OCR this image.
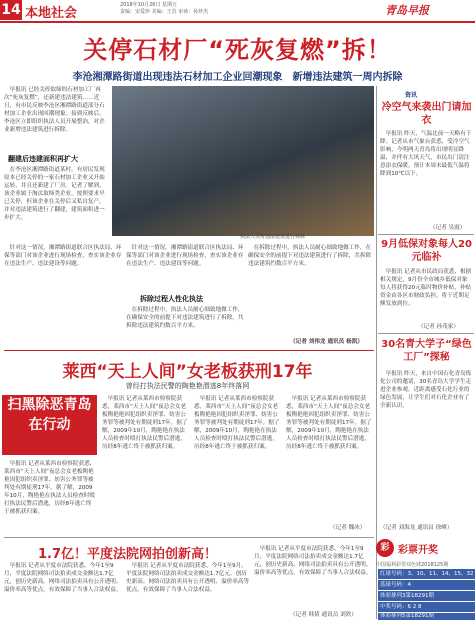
14 本地社会
2018年10月26日 星期五
责编：宋爱珍 美编：王苏 审读：孙珍杰	青岛早报
关停石材厂“死灰复燃”拆！
李沧湘潭路街道出现违法石材加工企业回潮现象　新增违法建筑一周内拆除

早报讯 已经关停取缔的石材加工厂再次“死灰复燃”，还新建违法建筑……近日，有市民反映李沧区湘潭路街道部分石材加工企业出现回潮现象。接到反映后，李沧区立即组织执法人员开展整治，对企业新增违法建筑进行拆除。

翻建后违建面积再扩大

在李沧区湘潭路街道某村，有居民发现原本已经关停的一家石材加工企业又开始运转，并且还新建了厂房。记者了解到，该企业属于淘汰取缔类企业，按照要求早已关停，但该企业在关停后又私自复产，并对违法建筑进行了翻建，建筑面积进一步扩大。

执法人员对违法建筑进行拆除

针对这一情况，湘潭路街道联合区执法局、环保等部门对该企业进行现场检查，查实该企业存在违法生产、违法建设等问题。

拆除过程人性化执法

针对这一情况，湘潭路街道联合区执法局、环保等部门对该企业进行现场检查，查实该企业存在违法生产、违法建设等问题。

在拆除过程中，执法人员耐心细致地做工作，在确保安全的前提下对违法建筑进行了拆除，共拆除违法建筑约数百平方米。

在拆除过程中，执法人员耐心细致地做工作，在确保安全的前提下对违法建筑进行了拆除，共拆除违法建筑约数百平方米。

（记者 刘伟龙 通讯员 杨凯）
资讯
冷空气来袭出门请加衣

早报讯 昨天，气温比前一天略有下降。记者从市气象台获悉，受冷空气影响，今明两天青岛将出现明显降温，并伴有大风天气，市民出门请注意添衣保暖。预计本周末最低气温将降到10℃以下。

（记者 吴霞）
9月低保对象每人20元临补

早报讯 记者从市民政局获悉，根据相关规定，9月份全市城乡低保对象每人将获得20元临时物价补贴，补贴资金由各区市财政负担，将于近期足额发放到位。

（记者 孙茂家）
30名青大学子“绿色工厂”探秘

早报讯 昨天，来自中国石化青岛炼化公司的邀请，30名青岛大学学生走进企业参观，近距离感受石化行业的绿色发展，让学生们对石化企业有了全新认识。

（记者 刘海龙 通讯员 徐峰）
莱西“天上人间”女老板获刑17年
曾经打执法民警的陶艳艳潜逃8年终落网
扫黑除恶青岛在行动

早报讯 记者从莱西市检察院获悉，莱西市“天上人间”夜总会女老板陶艳艳因犯组织卖淫罪、妨害公务罪等被判处有期徒刑17年。据了解，2009年10月，陶艳艳在执法人员检查时殴打执法民警后潜逃，历经8年逃亡终于被抓获归案。

早报讯 记者从莱西市检察院获悉，莱西市“天上人间”夜总会女老板陶艳艳因犯组织卖淫罪、妨害公务罪等被判处有期徒刑17年。据了解，2009年10月，陶艳艳在执法人员检查时殴打执法民警后潜逃，历经8年逃亡终于被抓获归案。

早报讯 记者从莱西市检察院获悉，莱西市“天上人间”夜总会女老板陶艳艳因犯组织卖淫罪、妨害公务罪等被判处有期徒刑17年。据了解，2009年10月，陶艳艳在执法人员检查时殴打执法民警后潜逃，历经8年逃亡终于被抓获归案。

早报讯 记者从莱西市检察院获悉，莱西市“天上人间”夜总会女老板陶艳艳因犯组织卖淫罪、妨害公务罪等被判处有期徒刑17年。据了解，2009年10月，陶艳艳在执法人员检查时殴打执法民警后潜逃，历经8年逃亡终于被抓获归案。

（记者 魏冰）
1.7亿！平度法院网拍创新高！

早报讯 记者从平度市法院获悉，今年1至9月，平度法院网络司法拍卖成交金额达1.7亿元，创历史新高。网络司法拍卖具有公开透明、溢价率高等优点，有效保障了当事人合法权益。

早报讯 记者从平度市法院获悉，今年1至9月，平度法院网络司法拍卖成交金额达1.7亿元，创历史新高。网络司法拍卖具有公开透明、溢价率高等优点，有效保障了当事人合法权益。

早报讯 记者从平度市法院获悉，今年1至9月，平度法院网络司法拍卖成交金额达1.7亿元，创历史新高。网络司法拍卖具有公开透明、溢价率高等优点，有效保障了当事人合法权益。

（记者 韩倩 通讯员 刘欣）
彩 彩票开奖
中国福利彩票双色球2018125期
红球号码：3、10、11、14、15、32
蓝球号码：4
体彩排列3第18291期
中奖号码：6 2 8
体彩排列5第18291期
